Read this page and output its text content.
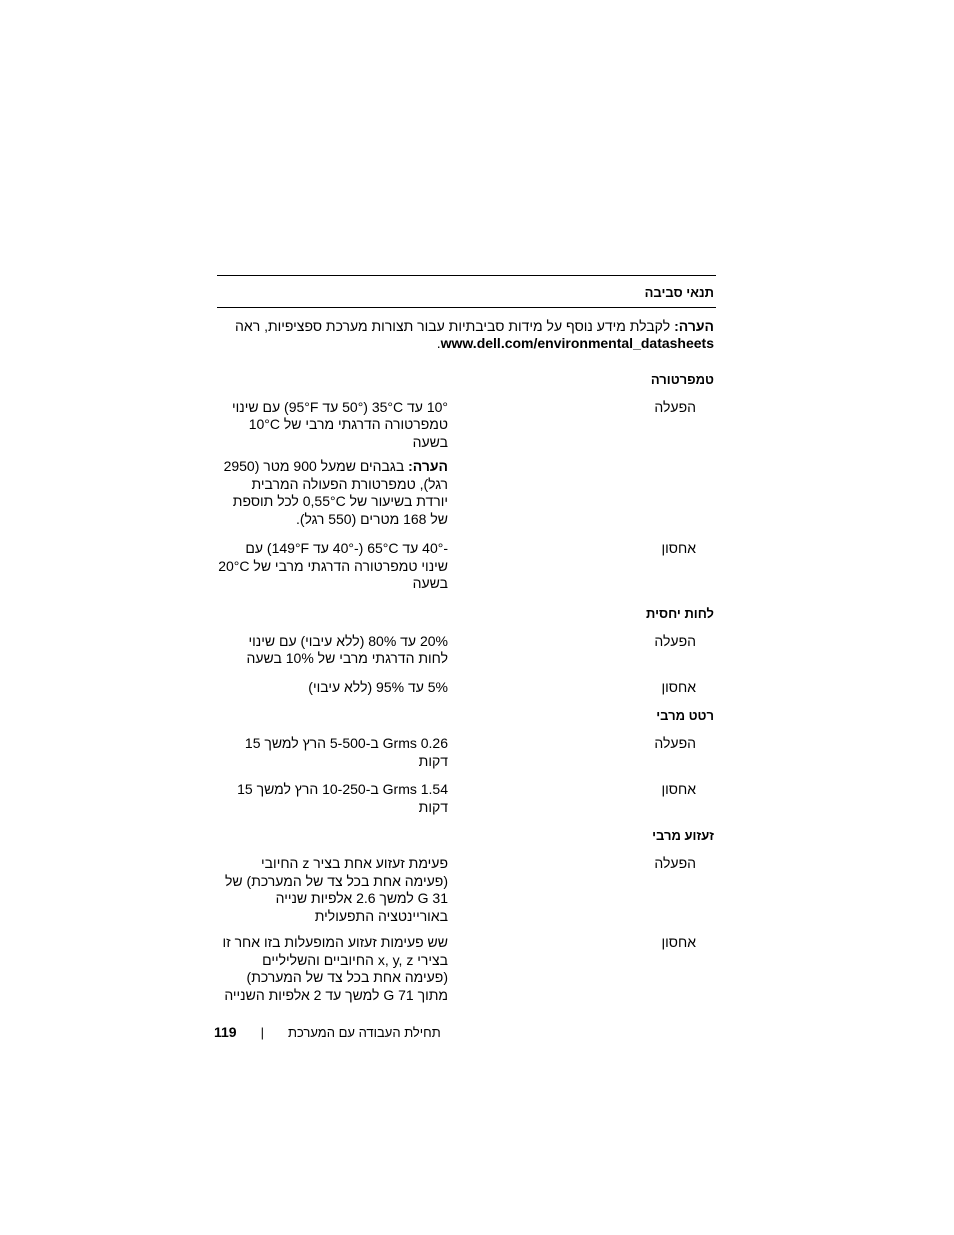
תנאי סביבה
הערה: לקבלת מידע נוסף על מידות סביבתיות עבור תצורות מערכת ספציפיות, ראה www.dell.com/environmental_datasheets.
טמפרטורה
הפעלה

10° עד 35°C (50° עד 95°F) עם שינוי טמפרטורה הדרגתי מרבי של 10°C בשעה

הערה: בגבהים שמעל 900 מטר (2950 רגל), טמפרטורת הפעולה המרבית יורדת בשיעור של 0,55°C לכל תוספת של 168 מטרים (550 רגל).

אחסון
-40° עד 65°C (-40° עד 149°F) עם שינוי טמפרטורה הדרגתי מרבי של 20°C בשעה
לחות יחסית
הפעלה
20% עד 80% (ללא עיבוי) עם שינוי לחות הדרגתי מרבי של 10% בשעה
אחסון
5% עד 95% (ללא עיבוי)
רטט מרבי
הפעלה
0.26 Grms ב-5-500 הרץ למשך 15 דקות
אחסון
1.54 Grms ב-10-250 הרץ למשך 15 דקות
זעזוע מרבי
הפעלה
פעימת זעזוע אחת בציר z החיובי (פעימה אחת בכל צד של המערכת) של 31 G למשך 2.6 אלפיות שנייה באוריינטציה התפעולית
אחסון
שש פעימות זעזוע המופעלות בזו אחר זו בצירי x, y, z החיוביים והשליליים (פעימה אחת בכל צד של המערכת) מתוך 71 G למשך עד 2 אלפיות השנייה
119 | תחילת העבודה עם המערכת
